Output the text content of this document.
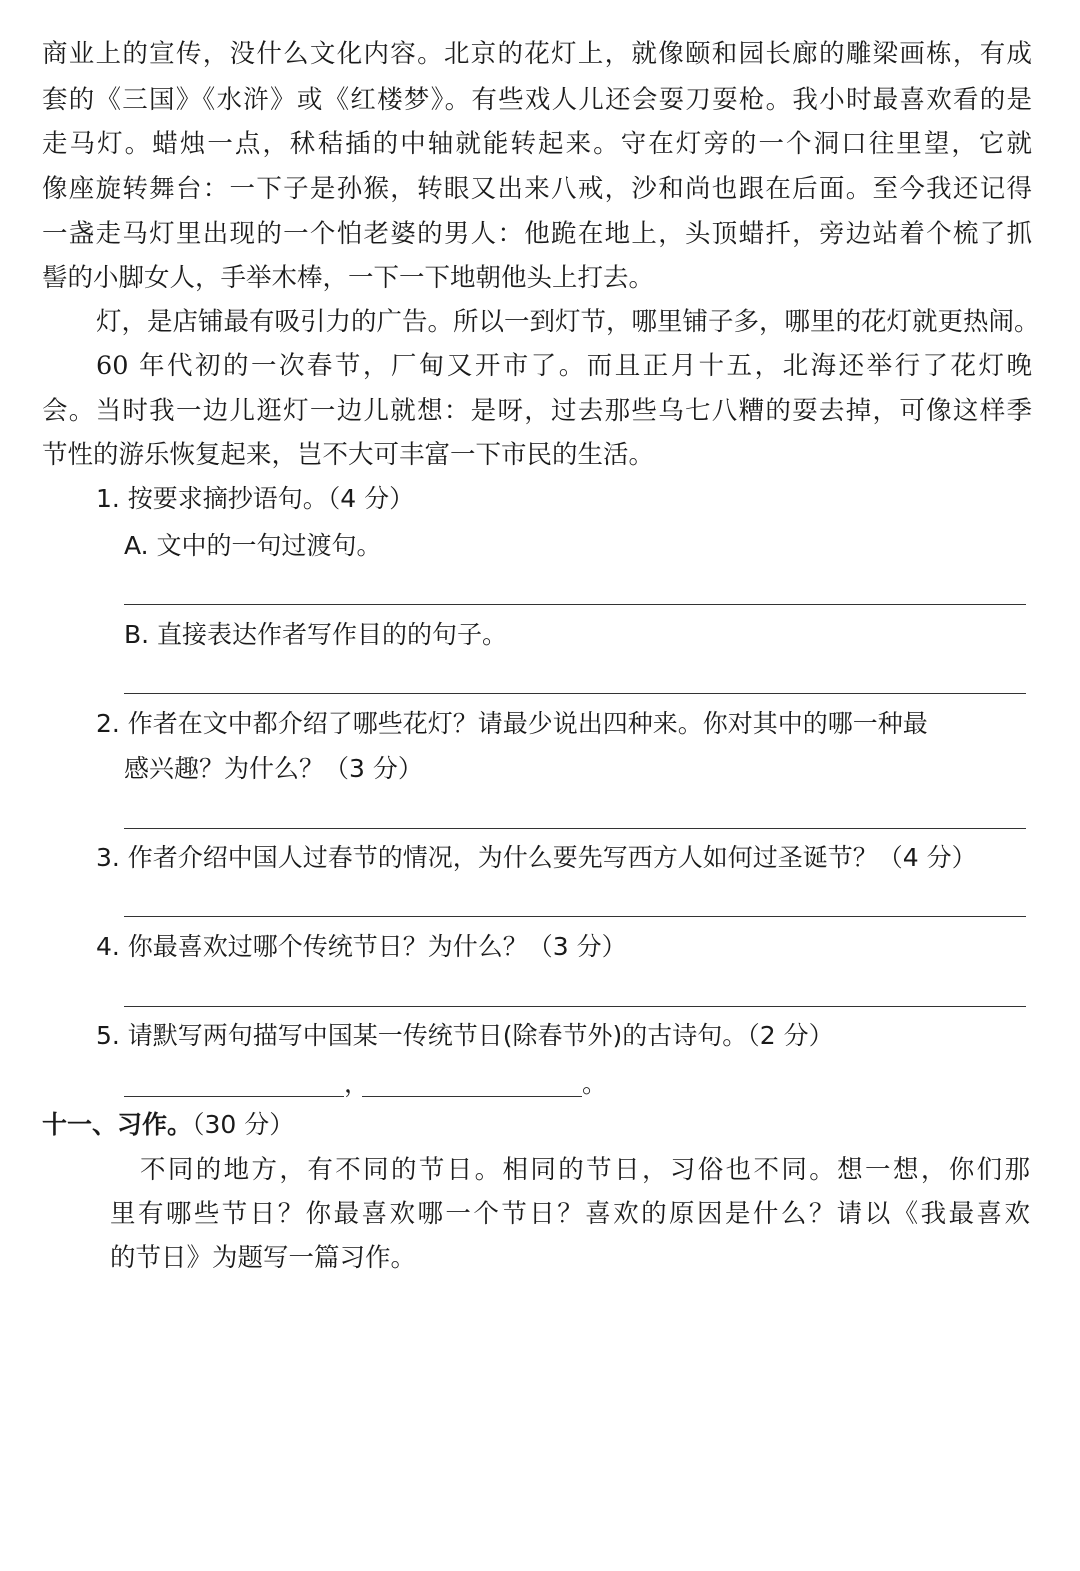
商业上的宣传，没什么文化内容。北京的花灯上，就像颐和园长廊的雕梁画栋，有成
套的《三国》《水浒》或《红楼梦》。有些戏人儿还会耍刀耍枪。我小时最喜欢看的是
走马灯。蜡烛一点，秫秸插的中轴就能转起来。守在灯旁的一个洞口往里望，它就
像座旋转舞台：一下子是孙猴，转眼又出来八戒，沙和尚也跟在后面。至今我还记得
一盏走马灯里出现的一个怕老婆的男人：他跪在地上，头顶蜡扦，旁边站着个梳了抓
髻的小脚女人，手举木棒，一下一下地朝他头上打去。
灯，是店铺最有吸引力的广告。所以一到灯节，哪里铺子多，哪里的花灯就更热闹。
60 年代初的一次春节，厂甸又开市了。而且正月十五，北海还举行了花灯晚
会。当时我一边儿逛灯一边儿就想：是呀，过去那些乌七八糟的耍去掉，可像这样季
节性的游乐恢复起来，岂不大可丰富一下市民的生活。
1. 按要求摘抄语句。（4 分）
A. 文中的一句过渡句。
B. 直接表达作者写作目的的句子。
2. 作者在文中都介绍了哪些花灯？请最少说出四种来。你对其中的哪一种最
感兴趣？为什么？（3 分）
3. 作者介绍中国人过春节的情况，为什么要先写西方人如何过圣诞节？（4 分）
4. 你最喜欢过哪个传统节日？为什么？（3 分）
5. 请默写两句描写中国某一传统节日(除春节外)的古诗句。（2 分）
，	。
十一、习作。（30 分）
不同的地方，有不同的节日。相同的节日，习俗也不同。想一想，你们那
里有哪些节日？你最喜欢哪一个节日？喜欢的原因是什么？请以《我最喜欢
的节日》为题写一篇习作。
